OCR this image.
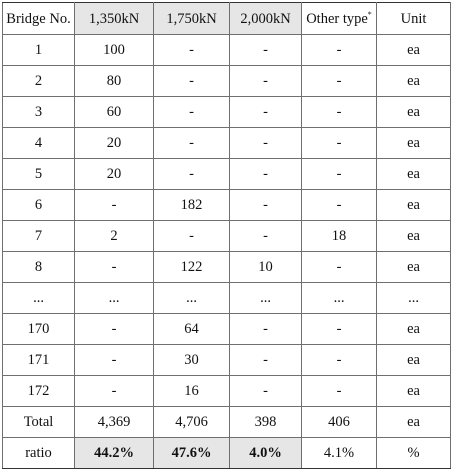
Bridge No.	1,350kN	1,750kN	2,000kN	Other type*	Unit
1	100	-	-	-	ea
2	80	-	-	-	ea
3	60	-	-	-	ea
4	20	-	-	-	ea
5	20	-	-	-	ea
6	-	182	-	-	ea
7	2	-	-	18	ea
8	-	122	10	-	ea
...	...	...	...	...	...
170	-	64	-	-	ea
171	-	30	-	-	ea
172	-	16	-	-	ea
Total	4,369	4,706	398	406	ea
ratio	44.2%	47.6%	4.0%	4.1%	%
